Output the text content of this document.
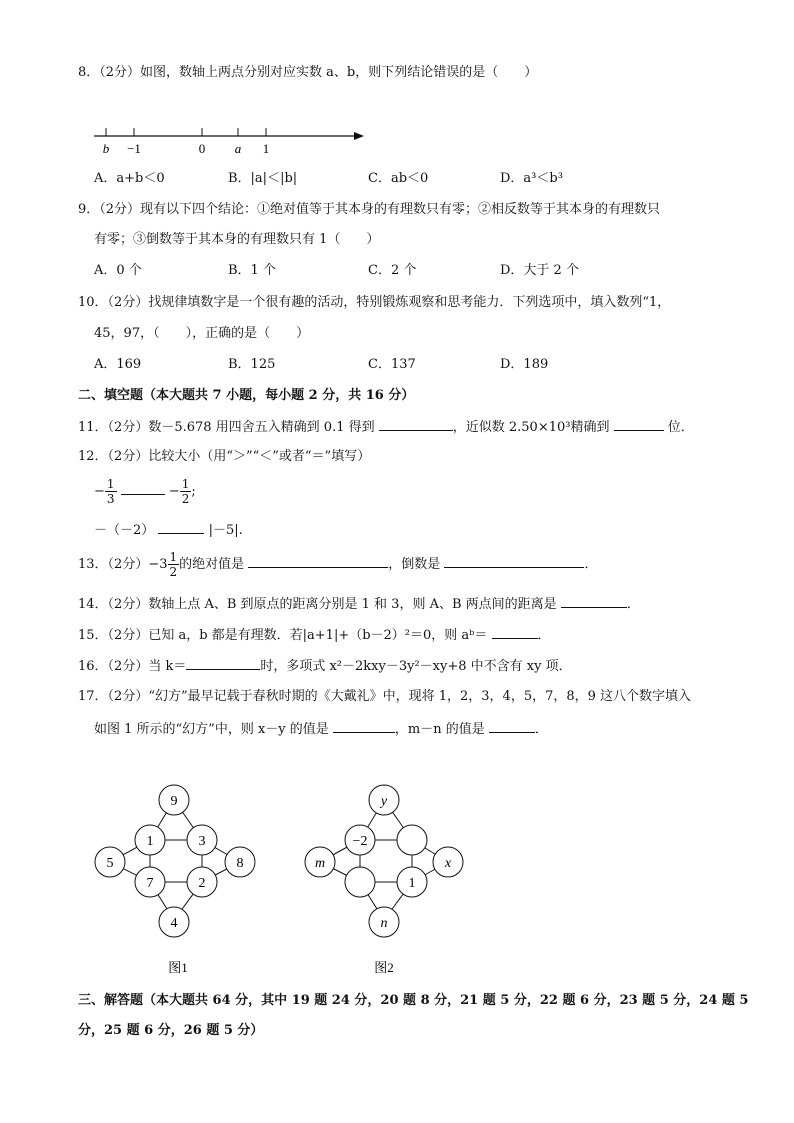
8．（2分）如图，数轴上两点分别对应实数 a、b，则下列结论错误的是（　　）
b −1	0 a 1
A．a+b＜0	B．|a|＜|b|	C．ab＜0	D．a³＜b³
9．（2分）现有以下四个结论：①绝对值等于其本身的有理数只有零；②相反数等于其本身的有理数只
有零；③倒数等于其本身的有理数只有 1（　　）
A．0 个	B．1 个	C．2 个	D．大于 2 个
10．（2分）找规律填数字是一个很有趣的活动，特别锻炼观察和思考能力．下列选项中，填入数列“1，
45，97，（　　），正确的是（　　）
A．169	B．125	C．137	D．189
二、填空题（本大题共 7 小题，每小题 2 分，共 16 分）
11．（2分）数－5.678 用四舍五入精确到 0.1 得到	，近似数 2.50×10³精确到	位．
12．（2分）比较大小（用“＞”“＜”或者“＝”填写）
− $\frac{1}{3}$	− $\frac{1}{2}$ ;
－（－2）	|－5|.
13．（2分）$-3 \frac{1}{2}$ 的绝对值是	，倒数是	．
14．（2分）数轴上点 A、B 到原点的距离分别是 1 和 3，则 A、B 两点间的距离是	．
15．（2分）已知 a，b 都是有理数．若|a+1|+（b－2）²＝0，则 aᵇ＝	．
16．（2分）当 k＝	时，多项式 x²－2kxy－3y²－xy+8 中不含有 xy 项．
17．（2分）“幻方”最早记载于春秋时期的《大戴礼》中，现将 1，2，3，4，5，7，8，9 这八个数字填入
如图 1 所示的“幻方”中，则 x－y 的值是	，m－n 的值是	．
9
1	3
5	8
7	2
4
图1
y
−2
m	x
1
n
图2
三、解答题（本大题共 64 分，其中 19 题 24 分，20 题 8 分，21 题 5 分，22 题 6 分，23 题 5 分，24 题 5
分，25 题 6 分，26 题 5 分）
